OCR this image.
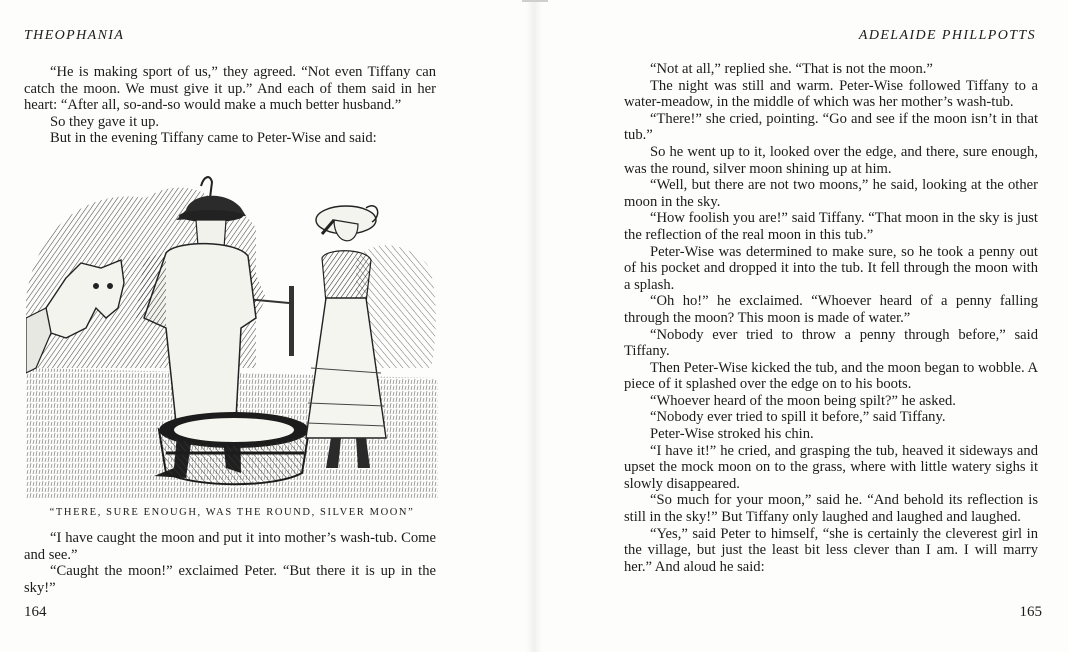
THEOPHANIA

“He is making sport of us,” they agreed. “Not even Tiffany can catch the moon. We must give it up.” And each of them said in her heart: “After all, so-and-so would make a much better husband.”

So they gave it up.

But in the evening Tiffany came to Peter-Wise and said:

“THERE, SURE ENOUGH, WAS THE ROUND, SILVER MOON”

“I have caught the moon and put it into mother’s wash-tub. Come and see.”

“Caught the moon!” exclaimed Peter. “But there it is up in the sky!”

164
ADELAIDE PHILLPOTTS

“Not at all,” replied she. “That is not the moon.”

The night was still and warm. Peter-Wise followed Tiffany to a water-meadow, in the middle of which was her mother’s wash-tub.

“There!” she cried, pointing. “Go and see if the moon isn’t in that tub.”

So he went up to it, looked over the edge, and there, sure enough, was the round, silver moon shining up at him.

“Well, but there are not two moons,” he said, looking at the other moon in the sky.

“How foolish you are!” said Tiffany. “That moon in the sky is just the reflection of the real moon in this tub.”

Peter-Wise was determined to make sure, so he took a penny out of his pocket and dropped it into the tub. It fell through the moon with a splash.

“Oh ho!” he exclaimed. “Whoever heard of a penny falling through the moon? This moon is made of water.”

“Nobody ever tried to throw a penny through before,” said Tiffany.

Then Peter-Wise kicked the tub, and the moon began to wobble. A piece of it splashed over the edge on to his boots.

“Whoever heard of the moon being spilt?” he asked.

“Nobody ever tried to spill it before,” said Tiffany.

Peter-Wise stroked his chin.

“I have it!” he cried, and grasping the tub, heaved it sideways and upset the mock moon on to the grass, where with little watery sighs it slowly disappeared.

“So much for your moon,” said he. “And behold its reflection is still in the sky!” But Tiffany only laughed and laughed and laughed.

“Yes,” said Peter to himself, “she is certainly the cleverest girl in the village, but just the least bit less clever than I am. I will marry her.” And aloud he said:

165
